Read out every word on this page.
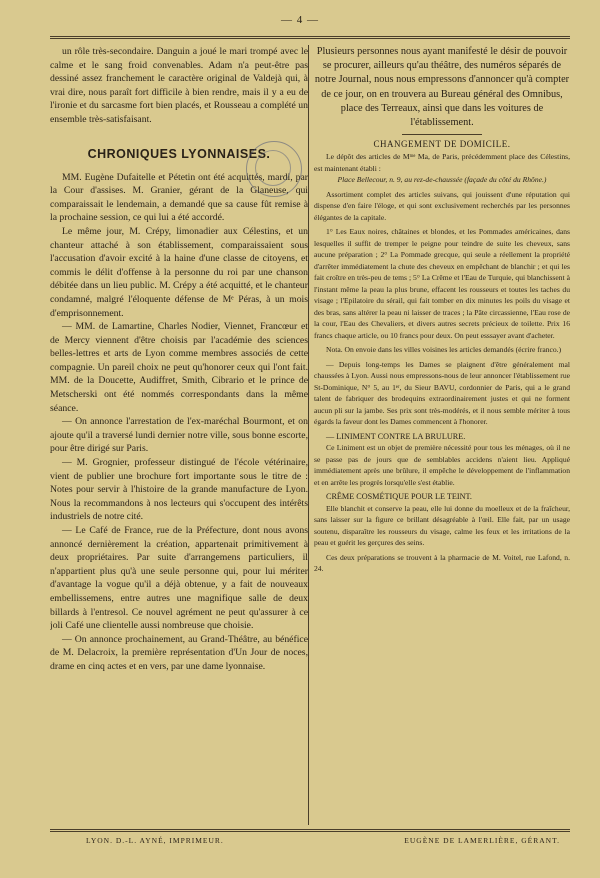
— 4 —

un rôle très-secondaire. Danguin a joué le mari trompé avec le calme et le sang froid convenables. Adam n'a peut-être pas dessiné assez franchement le caractère original de Valdejà qui, à vrai dire, nous paraît fort difficile à bien rendre, mais il y a eu de l'ironie et du sarcasme fort bien placés, et Rousseau a complété un ensemble très-satisfaisant.

CHRONIQUES LYONNAISES.

MM. Eugène Dufaitelle et Pétetin ont été acquittés, mardi, par la Cour d'assises. M. Granier, gérant de la Glaneuse, qui comparaissait le lendemain, a demandé que sa cause fût remise à la prochaine session, ce qui lui a été accordé.

Le même jour, M. Crépy, limonadier aux Célestins, et un chanteur attaché à son établissement, comparaissaient sous l'accusation d'avoir excité à la haine d'une classe de citoyens, et commis le délit d'offense à la personne du roi par une chanson débitée dans un lieu public. M. Crépy a été acquitté, et le chanteur condamné, malgré l'éloquente défense de Mᵉ Péras, à un mois d'emprisonnement.

— MM. de Lamartine, Charles Nodier, Viennet, Francœur et de Mercy viennent d'être choisis par l'académie des sciences belles-lettres et arts de Lyon comme membres associés de cette compagnie. Un pareil choix ne peut qu'honorer ceux qui l'ont fait. MM. de la Doucette, Audiffret, Smith, Cibrario et le prince de Metscherski ont été nommés correspondants dans la même séance.

— On annonce l'arrestation de l'ex-maréchal Bourmont, et on ajoute qu'il a traversé lundi dernier notre ville, sous bonne escorte, pour être dirigé sur Paris.

— M. Grognier, professeur distingué de l'école vétérinaire, vient de publier une brochure fort importante sous le titre de : Notes pour servir à l'histoire de la grande manufacture de Lyon. Nous la recommandons à nos lecteurs qui s'occupent des intérêts industriels de notre cité.

— Le Café de France, rue de la Préfecture, dont nous avons annoncé dernièrement la création, appartenait primitivement à deux propriétaires. Par suite d'arrangemens particuliers, il n'appartient plus qu'à une seule personne qui, pour lui mériter d'avantage la vogue qu'il a déjà obtenue, y a fait de nouveaux embellissemens, entre autres une magnifique salle de deux billards à l'entresol. Ce nouvel agrément ne peut qu'assurer à ce joli Café une clientelle aussi nombreuse que choisie.

— On annonce prochainement, au Grand-Théâtre, au bénéfice de M. Delacroix, la première représentation d'Un Jour de noces, drame en cinq actes et en vers, par une dame lyonnaise.

Plusieurs personnes nous ayant manifesté le désir de pouvoir se procurer, ailleurs qu'au théâtre, des numéros séparés de notre Journal, nous nous empressons d'annoncer qu'à compter de ce jour, on en trouvera au Bureau général des Omnibus, place des Terreaux, ainsi que dans les voitures de l'établissement.

CHANGEMENT DE DOMICILE.

Le dépôt des articles de Mᵐᵉ Ma, de Paris, précédemment place des Célestins, est maintenant établi :

Place Bellecour, n. 9, au rez-de-chaussée (façade du côté du Rhône.)

Assortiment complet des articles suivans, qui jouissent d'une réputation qui dispense d'en faire l'éloge, et qui sont exclusivement recherchés par les personnes élégantes de la capitale.

1° Les Eaux noires, châtaines et blondes, et les Pommades américaines, dans lesquelles il suffit de tremper le peigne pour teindre de suite les cheveux, sans aucune préparation ; 2° La Pommade grecque, qui seule a réellement la propriété d'arrêter immédiatement la chute des cheveux en empêchant de blanchir ; et qui les fait croître en très-peu de tems ; 5° La Crême et l'Eau de Turquie, qui blanchissent à l'instant même la peau la plus brune, effacent les rousseurs et toutes les taches du visage ; l'Epilatoire du sérail, qui fait tomber en dix minutes les poils du visage et des bras, sans altérer la peau ni laisser de traces ; la Pâte circassienne, l'Eau rose de la cour, l'Eau des Chevaliers, et divers autres secrets précieux de toilette. Prix 16 francs chaque article, ou 10 francs pour deux. On peut esssayer avant d'acheter.

Nota. On envoie dans les villes voisines les articles demandés (écrire franco.)

— Depuis long-temps les Dames se plaignent d'être généralement mal chaussées à Lyon. Aussi nous empressons-nous de leur annoncer l'établissement rue St-Dominique, N° 5, au 1ᵉʳ, du Sieur BAVU, cordonnier de Paris, qui a le grand talent de fabriquer des brodequins extraordinairement justes et qui ne forment aucun pli sur la jambe. Ses prix sont très-modérés, et il nous semble mériter à tous égards la faveur dont les Dames commencent à l'honorer.

— LINIMENT CONTRE LA BRULURE.

Ce Liniment est un objet de première nécessité pour tous les ménages, où il ne se passe pas de jours que de semblables accidens n'aient lieu. Appliqué immédiatement après une brûlure, il empêche le développement de l'inflammation et en arrête les progrès lorsqu'elle s'est établie.

CRÊME COSMÉTIQUE POUR LE TEINT.

Elle blanchit et conserve la peau, elle lui donne du moelleux et de la fraîcheur, sans laisser sur la figure ce brillant désagréable à l'œil. Elle fait, par un usage soutenu, disparaître les rousseurs du visage, calme les feux et les irritations de la peau et guérit les gerçures des seins.

Ces deux préparations se trouvent à la pharmacie de M. Voitel, rue Lafond, n. 24.

LYON. D.-L. AYNÉ, IMPRIMEUR.	EUGÈNE DE LAMERLIÈRE, GÉRANT.
